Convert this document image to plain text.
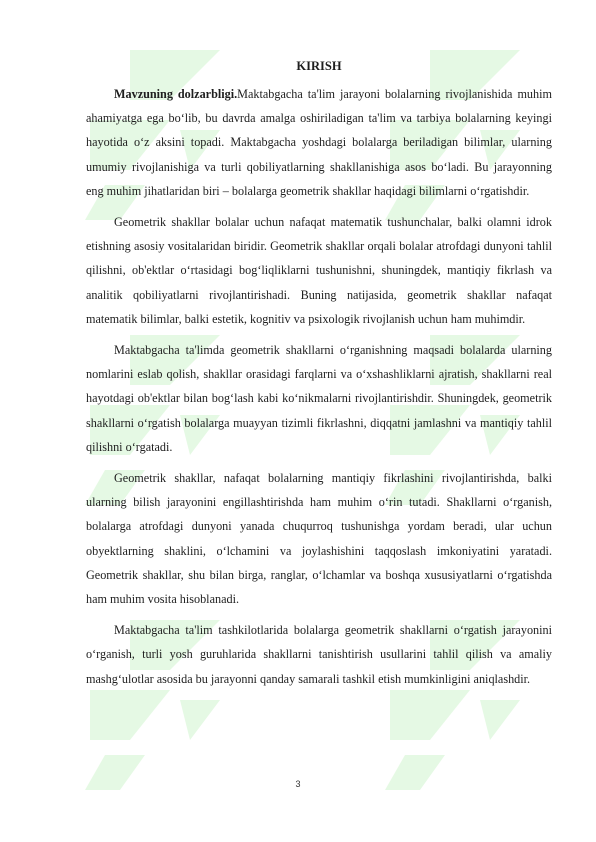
KIRISH

Mavzuning dolzarbligi.Maktabgacha ta'lim jarayoni bolalarning rivojlanishida muhim ahamiyatga ega bo‘lib, bu davrda amalga oshiriladigan ta'lim va tarbiya bolalarning keyingi hayotida o‘z aksini topadi. Maktabgacha yoshdagi bolalarga beriladigan bilimlar, ularning umumiy rivojlanishiga va turli qobiliyatlarning shakllanishiga asos bo‘ladi. Bu jarayonning eng muhim jihatlaridan biri – bolalarga geometrik shakllar haqidagi bilimlarni o‘rgatishdir.

Geometrik shakllar bolalar uchun nafaqat matematik tushunchalar, balki olamni idrok etishning asosiy vositalaridan biridir. Geometrik shakllar orqali bolalar atrofdagi dunyoni tahlil qilishni, ob'ektlar o‘rtasidagi bog‘liqliklarni tushunishni, shuningdek, mantiqiy fikrlash va analitik qobiliyatlarni rivojlantirishadi. Buning natijasida, geometrik shakllar nafaqat matematik bilimlar, balki estetik, kognitiv va psixologik rivojlanish uchun ham muhimdir.

Maktabgacha ta'limda geometrik shakllarni o‘rganishning maqsadi bolalarda ularning nomlarini eslab qolish, shakllar orasidagi farqlarni va o‘xshashliklarni ajratish, shakllarni real hayotdagi ob'ektlar bilan bog‘lash kabi ko‘nikmalarni rivojlantirishdir. Shuningdek, geometrik shakllarni o‘rgatish bolalarga muayyan tizimli fikrlashni, diqqatni jamlashni va mantiqiy tahlil qilishni o‘rgatadi.

Geometrik shakllar, nafaqat bolalarning mantiqiy fikrlashini rivojlantirishda, balki ularning bilish jarayonini engillashtirishda ham muhim o‘rin tutadi. Shakllarni o‘rganish, bolalarga atrofdagi dunyoni yanada chuqurroq tushunishga yordam beradi, ular uchun obyektlarning shaklini, o‘lchamini va joylashishini taqqoslash imkoniyatini yaratadi. Geometrik shakllar, shu bilan birga, ranglar, o‘lchamlar va boshqa xususiyatlarni o‘rgatishda ham muhim vosita hisoblanadi.

Maktabgacha ta'lim tashkilotlarida bolalarga geometrik shakllarni o‘rgatish jarayonini o‘rganish, turli yosh guruhlarida shakllarni tanishtirish usullarini tahlil qilish va amaliy mashg‘ulotlar asosida bu jarayonni qanday samarali tashkil etish mumkinligini aniqlashdir.

3
